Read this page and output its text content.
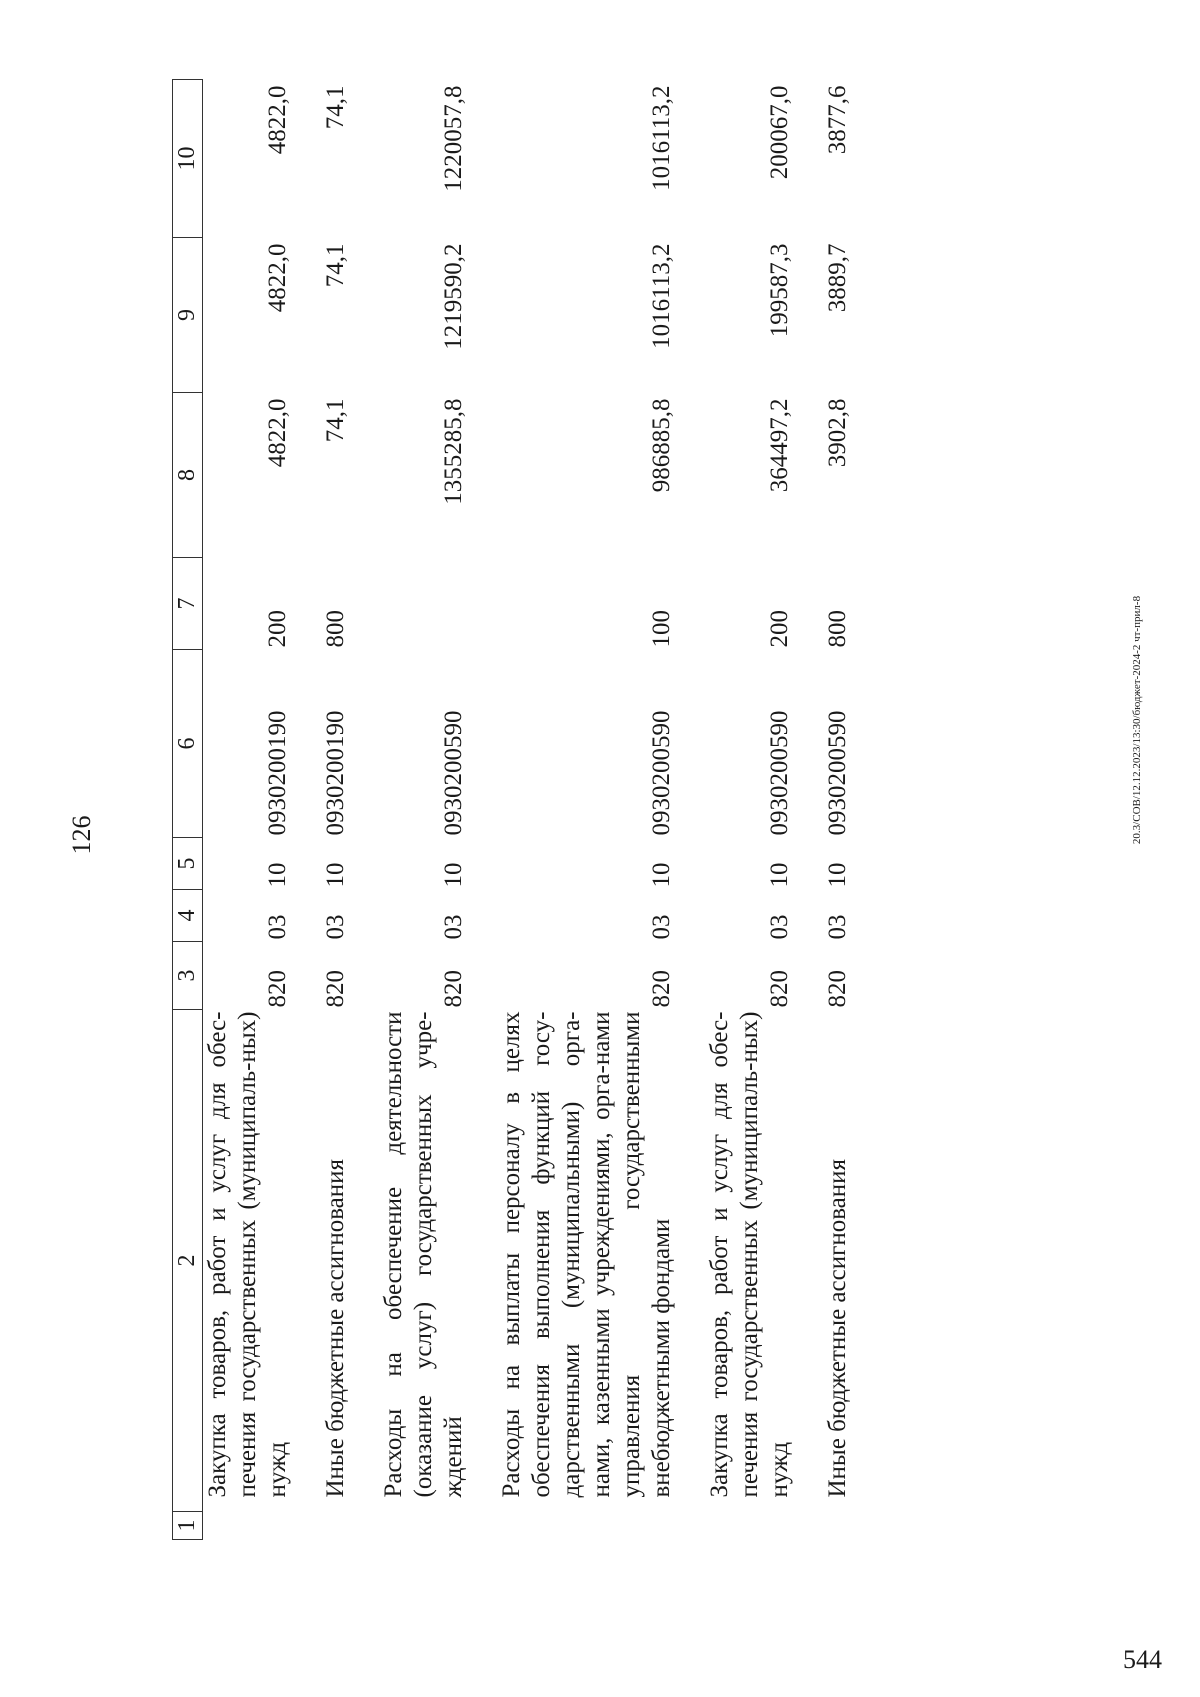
126
1	2	3	4	5	6	7	8	9	10
	Закупка товаров, работ и услуг для обес-печения государственных (муниципаль-ных) нужд	820	03	10	0930200190	200	4822,0	4822,0	4822,0

	Иные бюджетные ассигнования	820	03	10	0930200190	800	74,1	74,1	74,1

	Расходы на обеспечение деятельности (оказание услуг) государственных учре-ждений	820	03	10	0930200590		1355285,8	1219590,2	1220057,8

	Расходы на выплаты персоналу в целях обеспечения выполнения функций госу-дарственными (муниципальными) орга-нами, казенными учреждениями, орга-нами управления государственными внебюджетными фондами	820	03	10	0930200590	100	986885,8	1016113,2	1016113,2

	Закупка товаров, работ и услуг для обес-печения государственных (муниципаль-ных) нужд	820	03	10	0930200590	200	364497,2	199587,3	200067,0

	Иные бюджетные ассигнования	820	03	10	0930200590	800	3902,8	3889,7	3877,6
20.3/СОВ/12.12.2023/13:30/бюджет-2024-2 чт-прил-8
544
